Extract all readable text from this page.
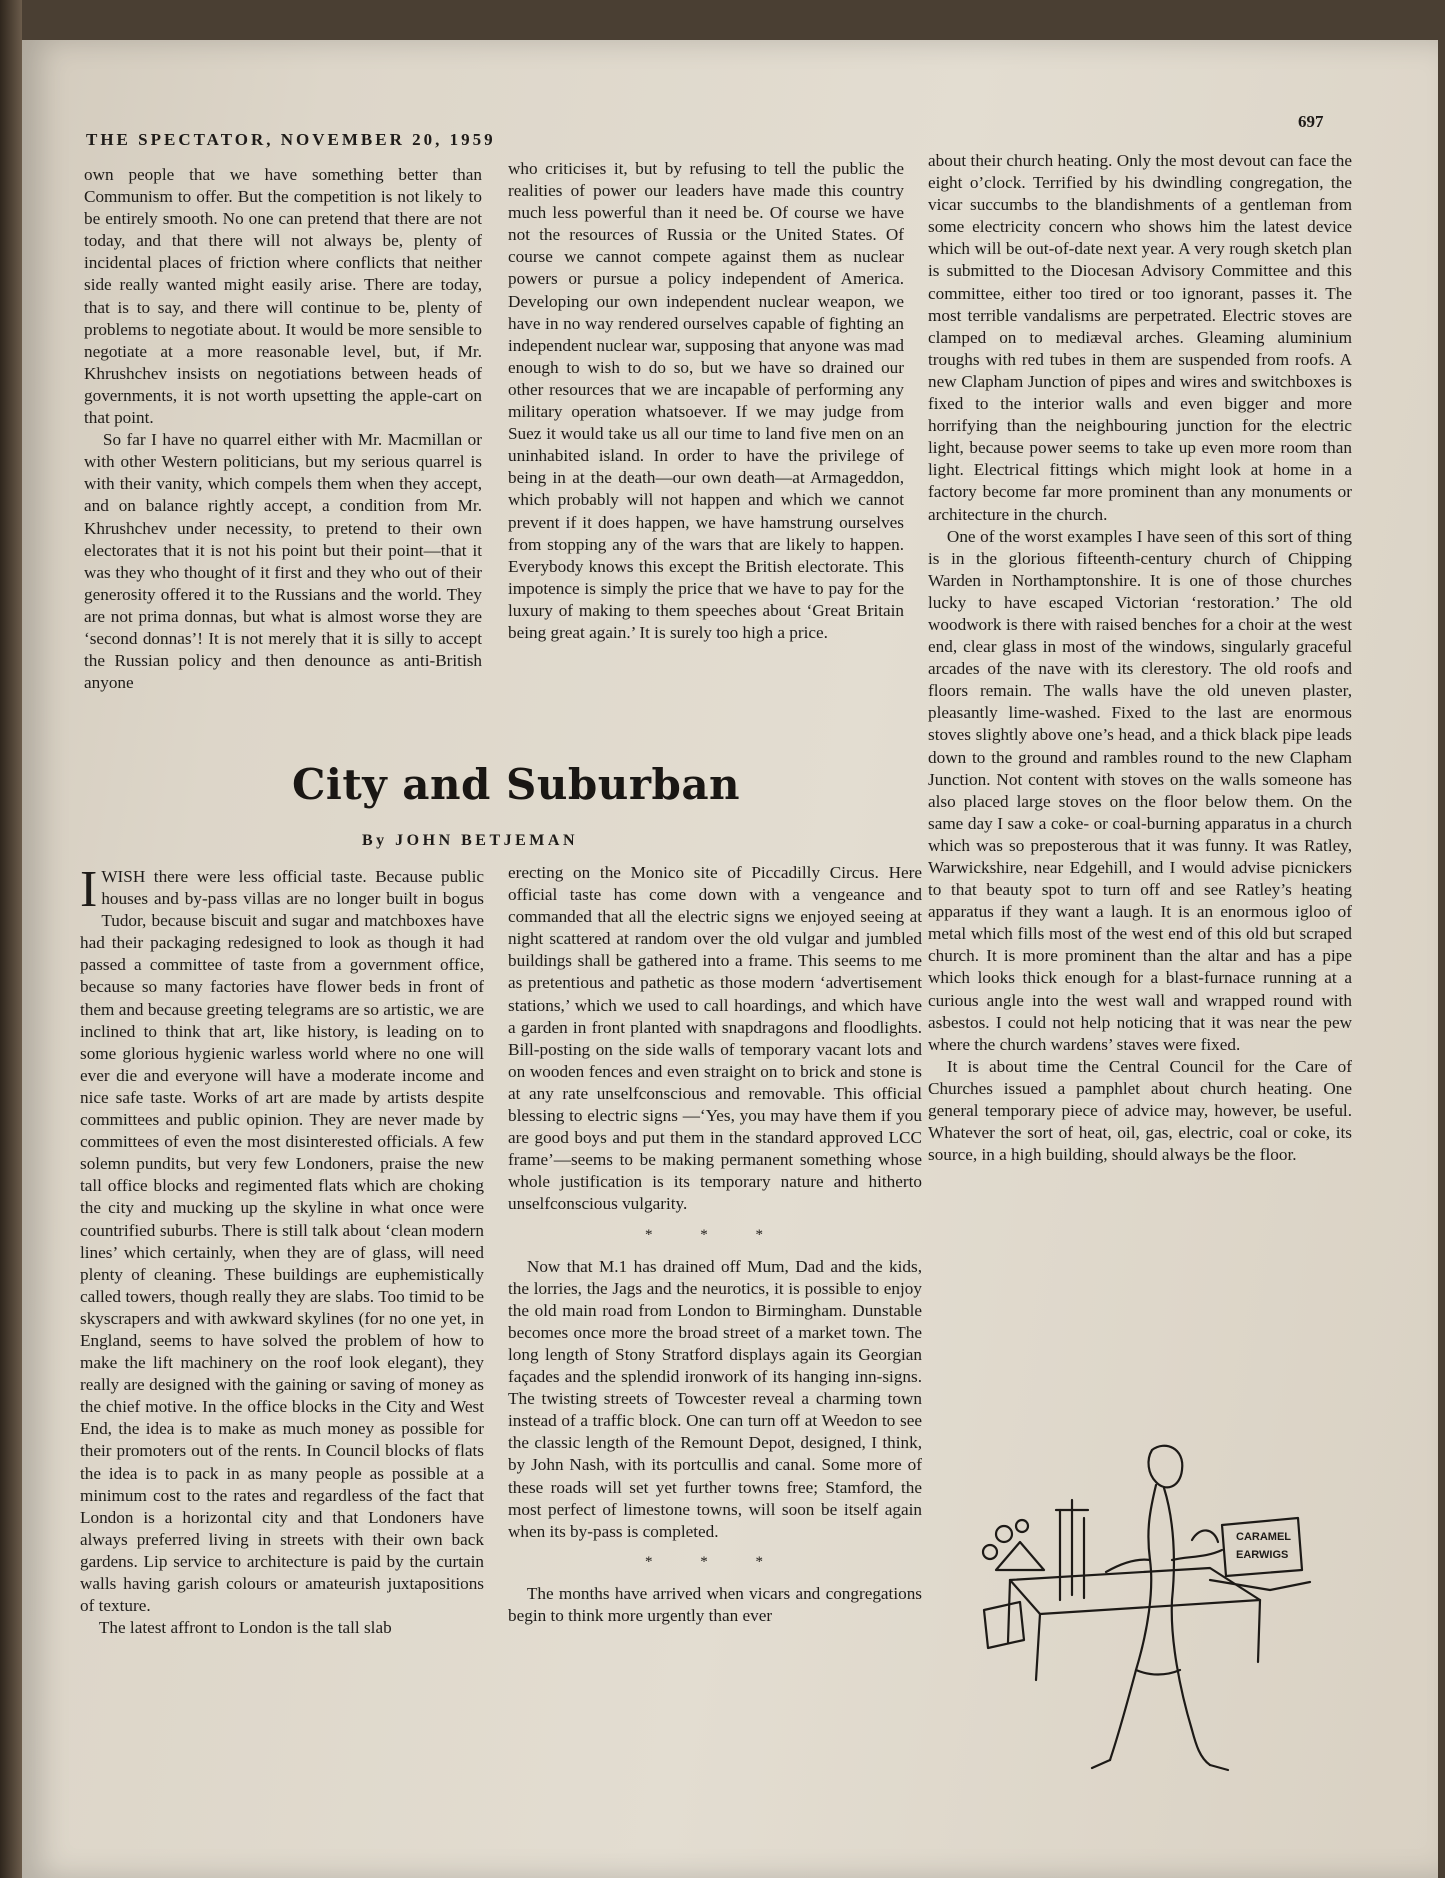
THE SPECTATOR, NOVEMBER 20, 1959
697

own people that we have something better than Communism to offer. But the competition is not likely to be entirely smooth. No one can pretend that there are not today, and that there will not always be, plenty of incidental places of friction where conflicts that neither side really wanted might easily arise. There are today, that is to say, and there will continue to be, plenty of problems to negotiate about. It would be more sensible to negotiate at a more reasonable level, but, if Mr. Khrushchev insists on negotiations between heads of governments, it is not worth upsetting the apple-cart on that point.

So far I have no quarrel either with Mr. Macmillan or with other Western politicians, but my serious quarrel is with their vanity, which compels them when they accept, and on balance rightly accept, a condition from Mr. Khrushchev under necessity, to pretend to their own electorates that it is not his point but their point—that it was they who thought of it first and they who out of their generosity offered it to the Russians and the world. They are not prima donnas, but what is almost worse they are ‘second donnas’! It is not merely that it is silly to accept the Russian policy and then denounce as anti-British anyone

who criticises it, but by refusing to tell the public the realities of power our leaders have made this country much less powerful than it need be. Of course we have not the resources of Russia or the United States. Of course we cannot compete against them as nuclear powers or pursue a policy independent of America. Developing our own independent nuclear weapon, we have in no way rendered ourselves capable of fighting an independent nuclear war, supposing that anyone was mad enough to wish to do so, but we have so drained our other resources that we are incapable of performing any military operation whatsoever. If we may judge from Suez it would take us all our time to land five men on an uninhabited island. In order to have the privilege of being in at the death—our own death—at Armageddon, which probably will not happen and which we cannot prevent if it does happen, we have hamstrung ourselves from stopping any of the wars that are likely to happen. Everybody knows this except the British electorate. This impotence is simply the price that we have to pay for the luxury of making to them speeches about ‘Great Britain being great again.’ It is surely too high a price.

City and Suburban
By JOHN BETJEMAN

IWISH there were less official taste. Because public houses and by-pass villas are no longer built in bogus Tudor, because biscuit and sugar and matchboxes have had their packaging redesigned to look as though it had passed a committee of taste from a government office, because so many factories have flower beds in front of them and because greeting telegrams are so artistic, we are inclined to think that art, like history, is leading on to some glorious hygienic warless world where no one will ever die and everyone will have a moderate income and nice safe taste. Works of art are made by artists despite committees and public opinion. They are never made by committees of even the most disinterested officials. A few solemn pundits, but very few Londoners, praise the new tall office blocks and regimented flats which are choking the city and mucking up the skyline in what once were countrified suburbs. There is still talk about ‘clean modern lines’ which certainly, when they are of glass, will need plenty of cleaning. These buildings are euphemistically called towers, though really they are slabs. Too timid to be skyscrapers and with awkward skylines (for no one yet, in England, seems to have solved the problem of how to make the lift machinery on the roof look elegant), they really are designed with the gaining or saving of money as the chief motive. In the office blocks in the City and West End, the idea is to make as much money as possible for their promoters out of the rents. In Council blocks of flats the idea is to pack in as many people as possible at a minimum cost to the rates and regardless of the fact that London is a horizontal city and that Londoners have always preferred living in streets with their own back gardens. Lip service to architecture is paid by the curtain walls having garish colours or amateurish juxtapositions of texture.

The latest affront to London is the tall slab

erecting on the Monico site of Piccadilly Circus. Here official taste has come down with a vengeance and commanded that all the electric signs we enjoyed seeing at night scattered at random over the old vulgar and jumbled buildings shall be gathered into a frame. This seems to me as pretentious and pathetic as those modern ‘advertisement stations,’ which we used to call hoardings, and which have a garden in front planted with snapdragons and floodlights. Bill-posting on the side walls of temporary vacant lots and on wooden fences and even straight on to brick and stone is at any rate unselfconscious and removable. This official blessing to electric signs —‘Yes, you may have them if you are good boys and put them in the standard approved LCC frame’—seems to be making permanent something whose whole justification is its temporary nature and hitherto unselfconscious vulgarity.

* * *

Now that M.1 has drained off Mum, Dad and the kids, the lorries, the Jags and the neurotics, it is possible to enjoy the old main road from London to Birmingham. Dunstable becomes once more the broad street of a market town. The long length of Stony Stratford displays again its Georgian façades and the splendid ironwork of its hanging inn-signs. The twisting streets of Towcester reveal a charming town instead of a traffic block. One can turn off at Weedon to see the classic length of the Remount Depot, designed, I think, by John Nash, with its portcullis and canal. Some more of these roads will set yet further towns free; Stamford, the most perfect of limestone towns, will soon be itself again when its by-pass is completed.

* * *

The months have arrived when vicars and congregations begin to think more urgently than ever

about their church heating. Only the most devout can face the eight o’clock. Terrified by his dwindling congregation, the vicar succumbs to the blandishments of a gentleman from some electricity concern who shows him the latest device which will be out-of-date next year. A very rough sketch plan is submitted to the Diocesan Advisory Committee and this committee, either too tired or too ignorant, passes it. The most terrible vandalisms are perpetrated. Electric stoves are clamped on to mediæval arches. Gleaming aluminium troughs with red tubes in them are suspended from roofs. A new Clapham Junction of pipes and wires and switchboxes is fixed to the interior walls and even bigger and more horrifying than the neighbouring junction for the electric light, because power seems to take up even more room than light. Electrical fittings which might look at home in a factory become far more prominent than any monuments or architecture in the church.

One of the worst examples I have seen of this sort of thing is in the glorious fifteenth-century church of Chipping Warden in Northamptonshire. It is one of those churches lucky to have escaped Victorian ‘restoration.’ The old woodwork is there with raised benches for a choir at the west end, clear glass in most of the windows, singularly graceful arcades of the nave with its clerestory. The old roofs and floors remain. The walls have the old uneven plaster, pleasantly lime-washed. Fixed to the last are enormous stoves slightly above one’s head, and a thick black pipe leads down to the ground and rambles round to the new Clapham Junction. Not content with stoves on the walls someone has also placed large stoves on the floor below them. On the same day I saw a coke- or coal-burning apparatus in a church which was so preposterous that it was funny. It was Ratley, Warwickshire, near Edgehill, and I would advise picnickers to that beauty spot to turn off and see Ratley’s heating apparatus if they want a laugh. It is an enormous igloo of metal which fills most of the west end of this old but scraped church. It is more prominent than the altar and has a pipe which looks thick enough for a blast-furnace running at a curious angle into the west wall and wrapped round with asbestos. I could not help noticing that it was near the pew where the church wardens’ staves were fixed.

It is about time the Central Council for the Care of Churches issued a pamphlet about church heating. One general temporary piece of advice may, however, be useful. Whatever the sort of heat, oil, gas, electric, coal or coke, its source, in a high building, should always be the floor.

CARAMEL
EARWIGS
